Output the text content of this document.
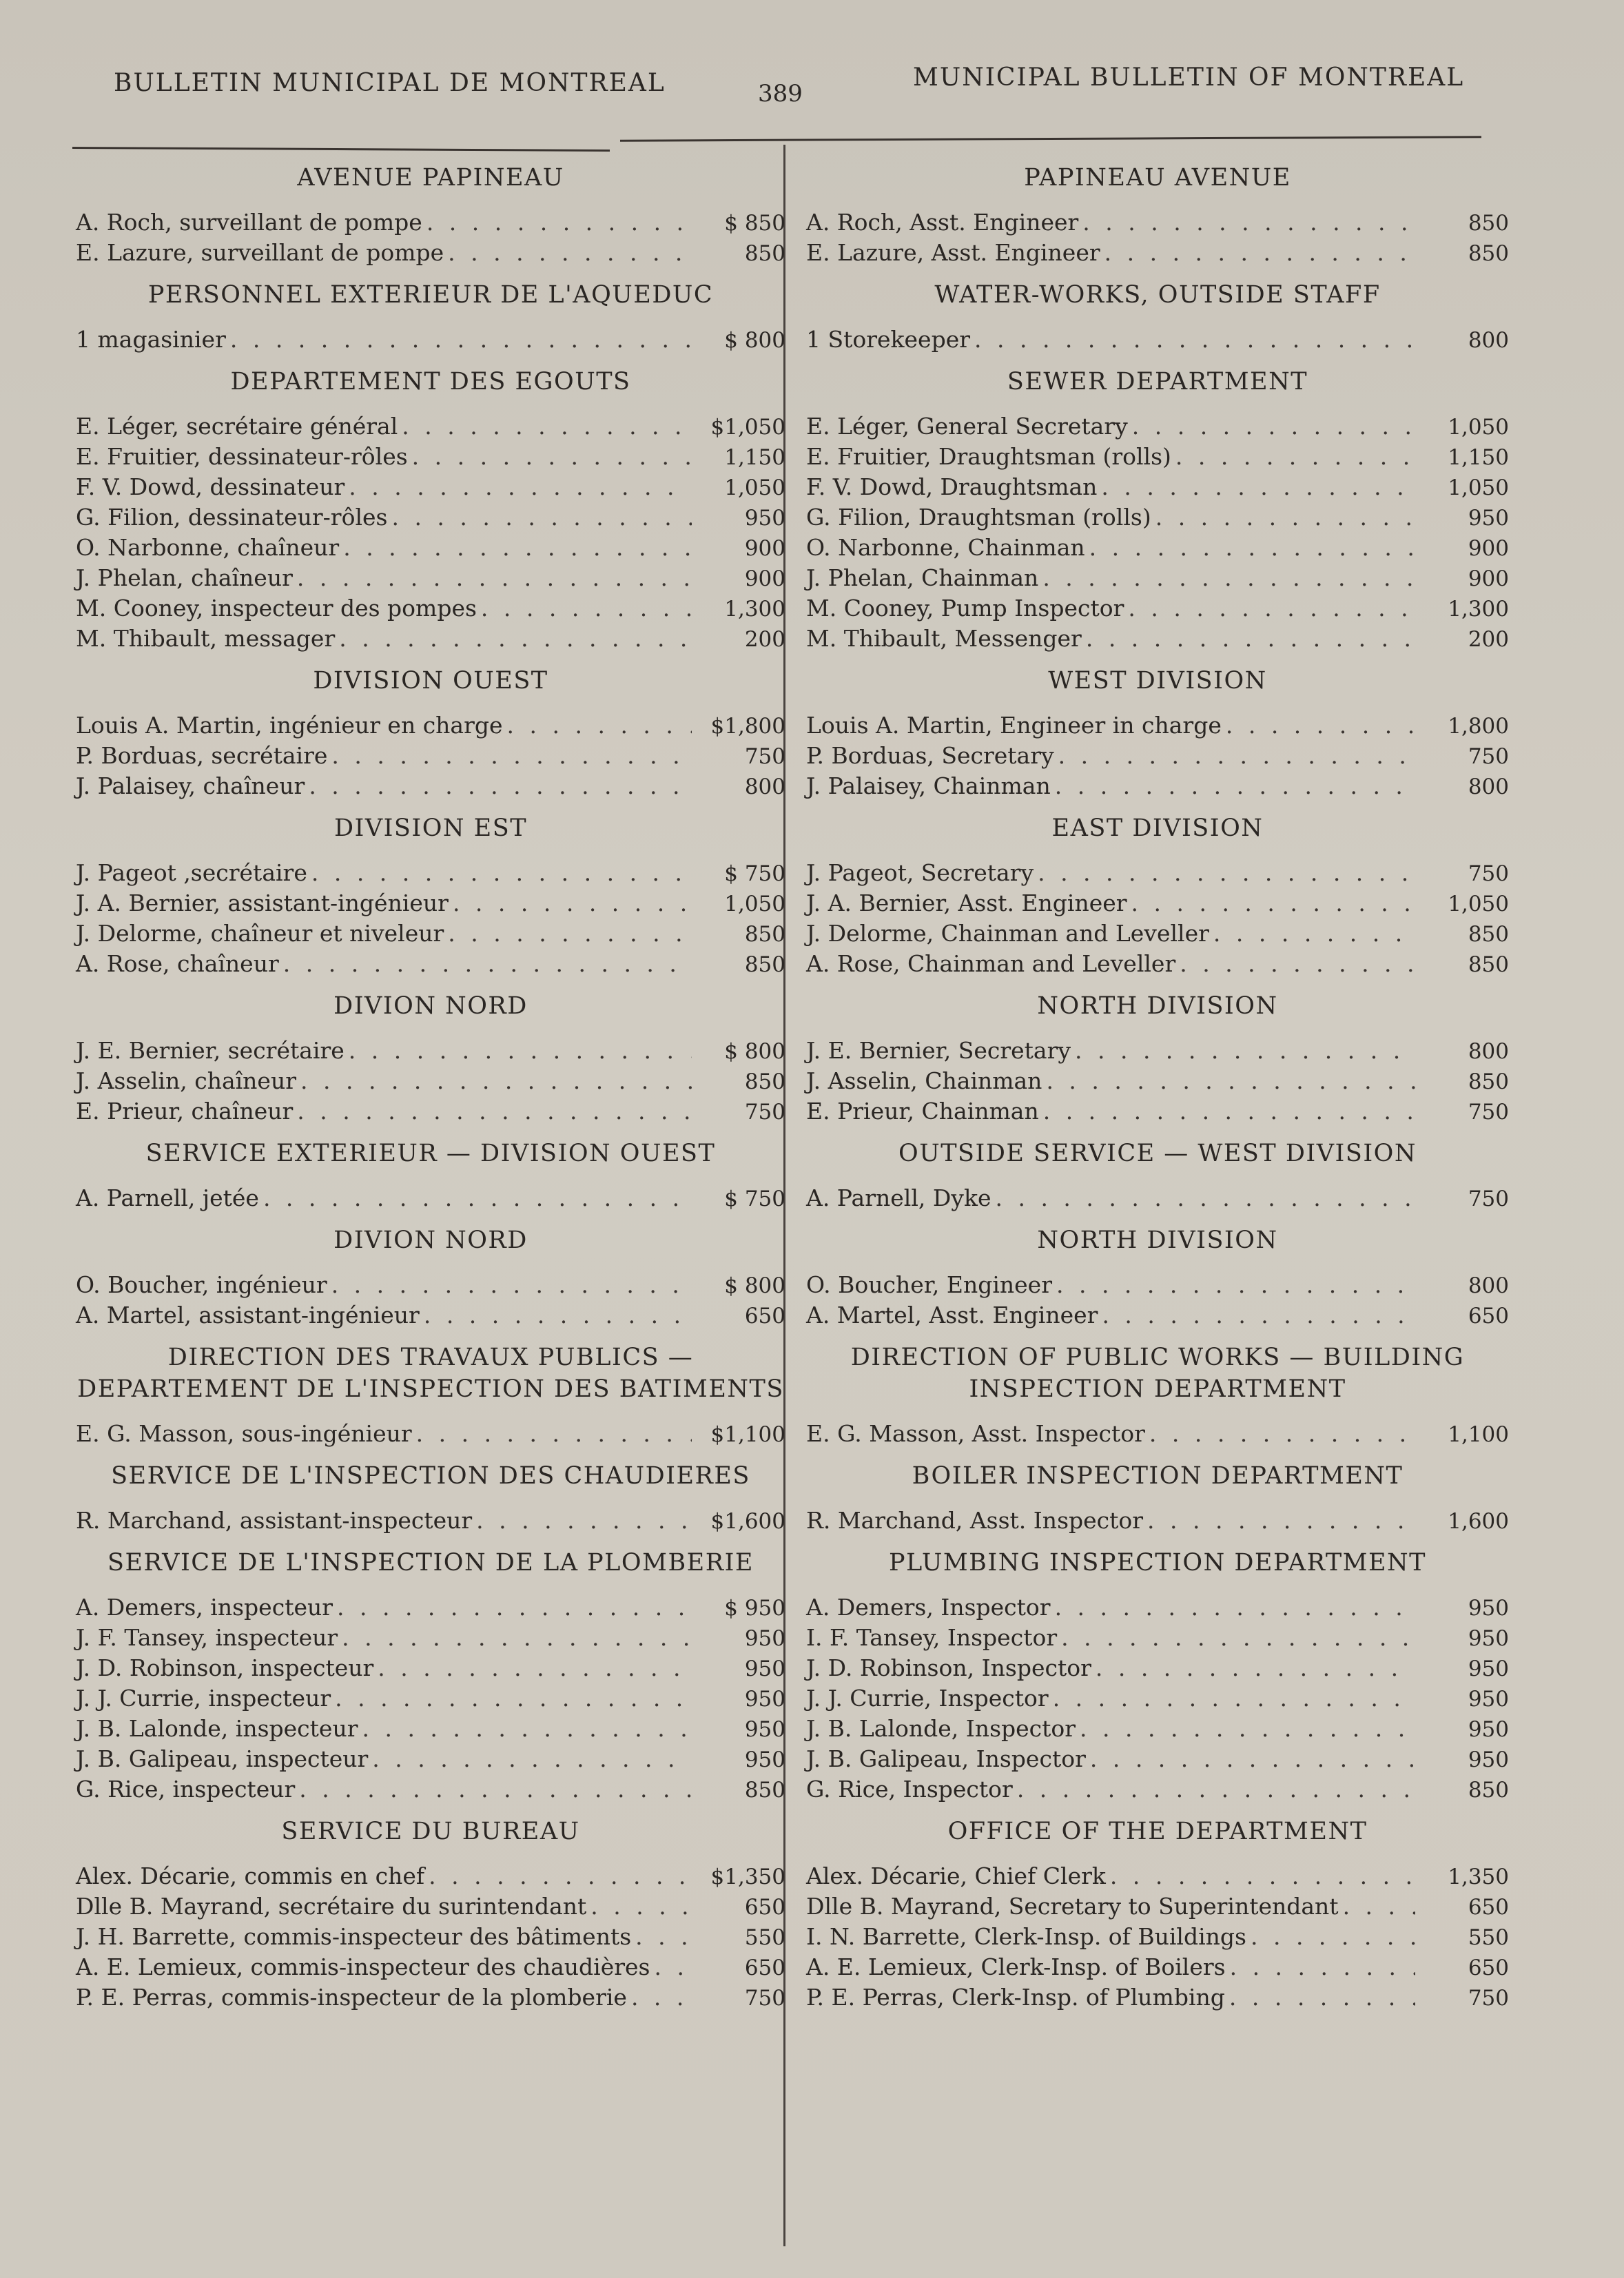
BULLETIN MUNICIPAL DE MONTREAL	389
MUNICIPAL BULLETIN OF MONTREAL
AVENUE PAPINEAU
A. Roch, surveillant de pompe . . .	$ 850
E. Lazure, surveillant de pompe . . .	850
PERSONNEL EXTERIEUR DE L'AQUEDUC
1 magasinier . . .	$ 800
DEPARTEMENT DES EGOUTS
E. Léger, secrétaire général . . .	$1,050
E. Fruitier, dessinateur-rôles . . .	1,150
F. V. Dowd, dessinateur . . .	1,050
G. Filion, dessinateur-rôles . . .	950
O. Narbonne, chaîneur . . .	900
J. Phelan, chaîneur . . .	900
M. Cooney, inspecteur des pompes . . .	1,300
M. Thibault, messager . . .	200
DIVISION OUEST
Louis A. Martin, ingénieur en charge . . .	$1,800
P. Borduas, secrétaire . . .	750
J. Palaisey, chaîneur . . .	800
DIVISION EST
J. Pageot ,secrétaire . . .	$ 750
J. A. Bernier, assistant-ingénieur . . .	1,050
J. Delorme, chaîneur et niveleur . . .	850
A. Rose, chaîneur . . .	850
DIVION NORD
J. E. Bernier, secrétaire . . .	$ 800
J. Asselin, chaîneur . . .	850
E. Prieur, chaîneur . . .	750
SERVICE EXTERIEUR — DIVISION OUEST
A. Parnell, jetée . . .	$ 750
DIVION NORD
O. Boucher, ingénieur . . .	$ 800
A. Martel, assistant-ingénieur . . .	650
DIRECTION DES TRAVAUX PUBLICS — DEPARTEMENT DE L'INSPECTION DES BATIMENTS
E. G. Masson, sous-ingénieur . . .	$1,100
SERVICE DE L'INSPECTION DES CHAUDIERES
R. Marchand, assistant-inspecteur . . .	$1,600
SERVICE DE L'INSPECTION DE LA PLOMBERIE
A. Demers, inspecteur . . .	$ 950
J. F. Tansey, inspecteur . . .	950
J. D. Robinson, inspecteur . . .	950
J. J. Currie, inspecteur . . .	950
J. B. Lalonde, inspecteur . . .	950
J. B. Galipeau, inspecteur . . .	950
G. Rice, inspecteur . . .	850
SERVICE DU BUREAU
Alex. Décarie, commis en chef . . .	$1,350
Dlle B. Mayrand, secrétaire du surintendant . . .	650
J. H. Barrette, commis-inspecteur des bâtiments . . .	550
A. E. Lemieux, commis-inspecteur des chaudières . . .	650
P. E. Perras, commis-inspecteur de la plomberie . . .	750
PAPINEAU AVENUE
A. Roch, Asst. Engineer . . .	850
E. Lazure, Asst. Engineer . . .	850
WATER-WORKS, OUTSIDE STAFF
1 Storekeeper . . .	800
SEWER DEPARTMENT
E. Léger, General Secretary . . .	1,050
E. Fruitier, Draughtsman (rolls) . . .	1,150
F. V. Dowd, Draughtsman . . .	1,050
G. Filion, Draughtsman (rolls) . . .	950
O. Narbonne, Chainman . . .	900
J. Phelan, Chainman . . .	900
M. Cooney, Pump Inspector . . .	1,300
M. Thibault, Messenger . . .	200
WEST DIVISION
Louis A. Martin, Engineer in charge . . .	1,800
P. Borduas, Secretary . . .	750
J. Palaisey, Chainman . . .	800
EAST DIVISION
J. Pageot, Secretary . . .	750
J. A. Bernier, Asst. Engineer . . .	1,050
J. Delorme, Chainman and Leveller . . .	850
A. Rose, Chainman and Leveller . . .	850
NORTH DIVISION
J. E. Bernier, Secretary . . .	800
J. Asselin, Chainman . . .	850
E. Prieur, Chainman . . .	750
OUTSIDE SERVICE — WEST DIVISION
A. Parnell, Dyke . . .	750
NORTH DIVISION
O. Boucher, Engineer . . .	800
A. Martel, Asst. Engineer . . .	650
DIRECTION OF PUBLIC WORKS — BUILDING INSPECTION DEPARTMENT
E. G. Masson, Asst. Inspector . . .	1,100
BOILER INSPECTION DEPARTMENT
R. Marchand, Asst. Inspector . . .	1,600
PLUMBING INSPECTION DEPARTMENT
A. Demers, Inspector . . .	950
I. F. Tansey, Inspector . . .	950
J. D. Robinson, Inspector . . .	950
J. J. Currie, Inspector . . .	950
J. B. Lalonde, Inspector . . .	950
J. B. Galipeau, Inspector . . .	950
G. Rice, Inspector . . .	850
OFFICE OF THE DEPARTMENT
Alex. Décarie, Chief Clerk . . .	1,350
Dlle B. Mayrand, Secretary to Superintendant . . .	650
I. N. Barrette, Clerk-Insp. of Buildings . . .	550
A. E. Lemieux, Clerk-Insp. of Boilers . . .	650
P. E. Perras, Clerk-Insp. of Plumbing . . .	750
